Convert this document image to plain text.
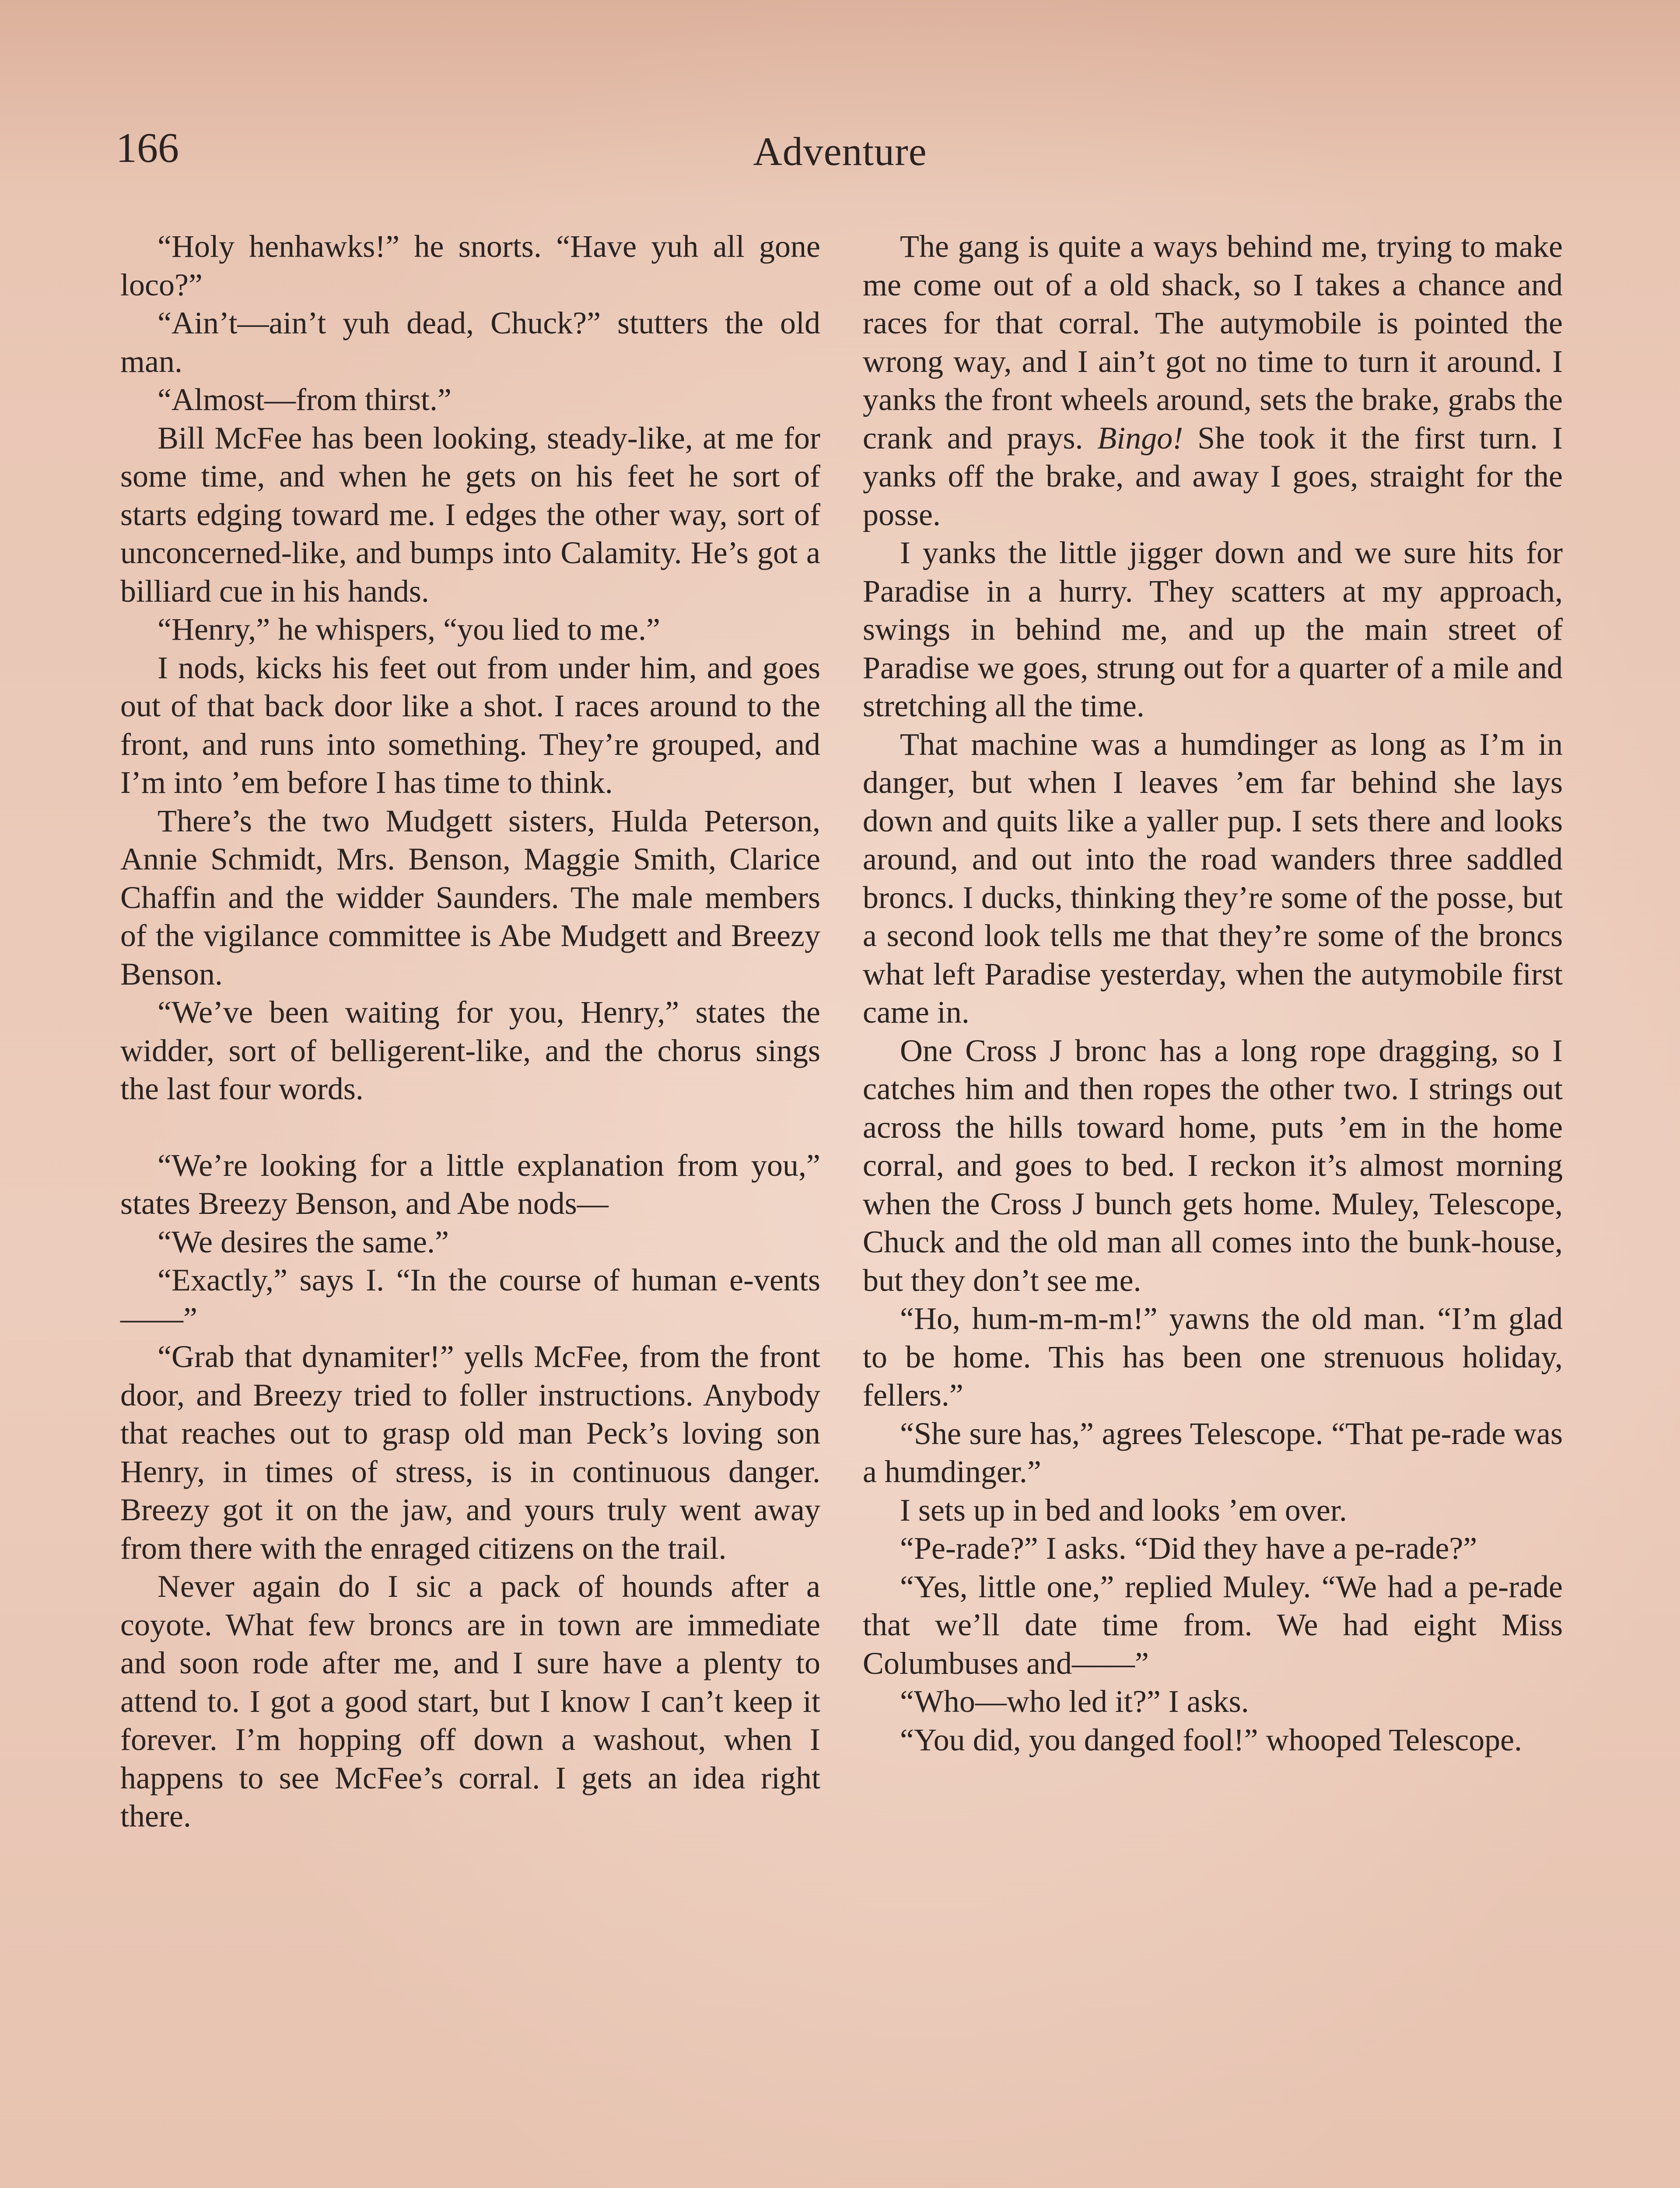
166	Adventure

“Holy henhawks!” he snorts. “Have yuh all gone loco?”

“Ain’t—ain’t yuh dead, Chuck?” stutters the old man.

“Almost—from thirst.”

Bill McFee has been looking, steady-like, at me for some time, and when he gets on his feet he sort of starts edging toward me. I edges the other way, sort of unconcerned-like, and bumps into Calamity. He’s got a billiard cue in his hands.

“Henry,” he whispers, “you lied to me.”

I nods, kicks his feet out from under him, and goes out of that back door like a shot. I races around to the front, and runs into something. They’re grouped, and I’m into ’em before I has time to think.

There’s the two Mudgett sisters, Hulda Peterson, Annie Schmidt, Mrs. Benson, Maggie Smith, Clarice Chaffin and the widder Saunders. The male members of the vigilance committee is Abe Mudgett and Breezy Benson.

“We’ve been waiting for you, Henry,” states the widder, sort of belligerent-like, and the chorus sings the last four words.

“We’re looking for a little explanation from you,” states Breezy Benson, and Abe nods—

“We desires the same.”

“Exactly,” says I. “In the course of human e-vents——”

“Grab that dynamiter!” yells McFee, from the front door, and Breezy tried to foller instructions. Anybody that reaches out to grasp old man Peck’s loving son Henry, in times of stress, is in continuous danger. Breezy got it on the jaw, and yours truly went away from there with the enraged citizens on the trail.

Never again do I sic a pack of hounds after a coyote. What few broncs are in town are immediate and soon rode after me, and I sure have a plenty to attend to. I got a good start, but I know I can’t keep it forever. I’m hopping off down a washout, when I happens to see McFee’s corral. I gets an idea right there.

The gang is quite a ways behind me, trying to make me come out of a old shack, so I takes a chance and races for that corral. The autymobile is pointed the wrong way, and I ain’t got no time to turn it around. I yanks the front wheels around, sets the brake, grabs the crank and prays. Bingo! She took it the first turn. I yanks off the brake, and away I goes, straight for the posse.

I yanks the little jigger down and we sure hits for Paradise in a hurry. They scatters at my approach, swings in behind me, and up the main street of Paradise we goes, strung out for a quarter of a mile and stretching all the time.

That machine was a humdinger as long as I’m in danger, but when I leaves ’em far behind she lays down and quits like a yaller pup. I sets there and looks around, and out into the road wanders three saddled broncs. I ducks, thinking they’re some of the posse, but a second look tells me that they’re some of the broncs what left Paradise yesterday, when the autymobile first came in.

One Cross J bronc has a long rope dragging, so I catches him and then ropes the other two. I strings out across the hills toward home, puts ’em in the home corral, and goes to bed. I reckon it’s almost morning when the Cross J bunch gets home. Muley, Telescope, Chuck and the old man all comes into the bunk-house, but they don’t see me.

“Ho, hum-m-m-m!” yawns the old man. “I’m glad to be home. This has been one strenuous holiday, fellers.”

“She sure has,” agrees Telescope. “That pe-rade was a humdinger.”

I sets up in bed and looks ’em over.

“Pe-rade?” I asks. “Did they have a pe-rade?”

“Yes, little one,” replied Muley. “We had a pe-rade that we’ll date time from. We had eight Miss Columbuses and——”

“Who—who led it?” I asks.

“You did, you danged fool!” whooped Telescope.
